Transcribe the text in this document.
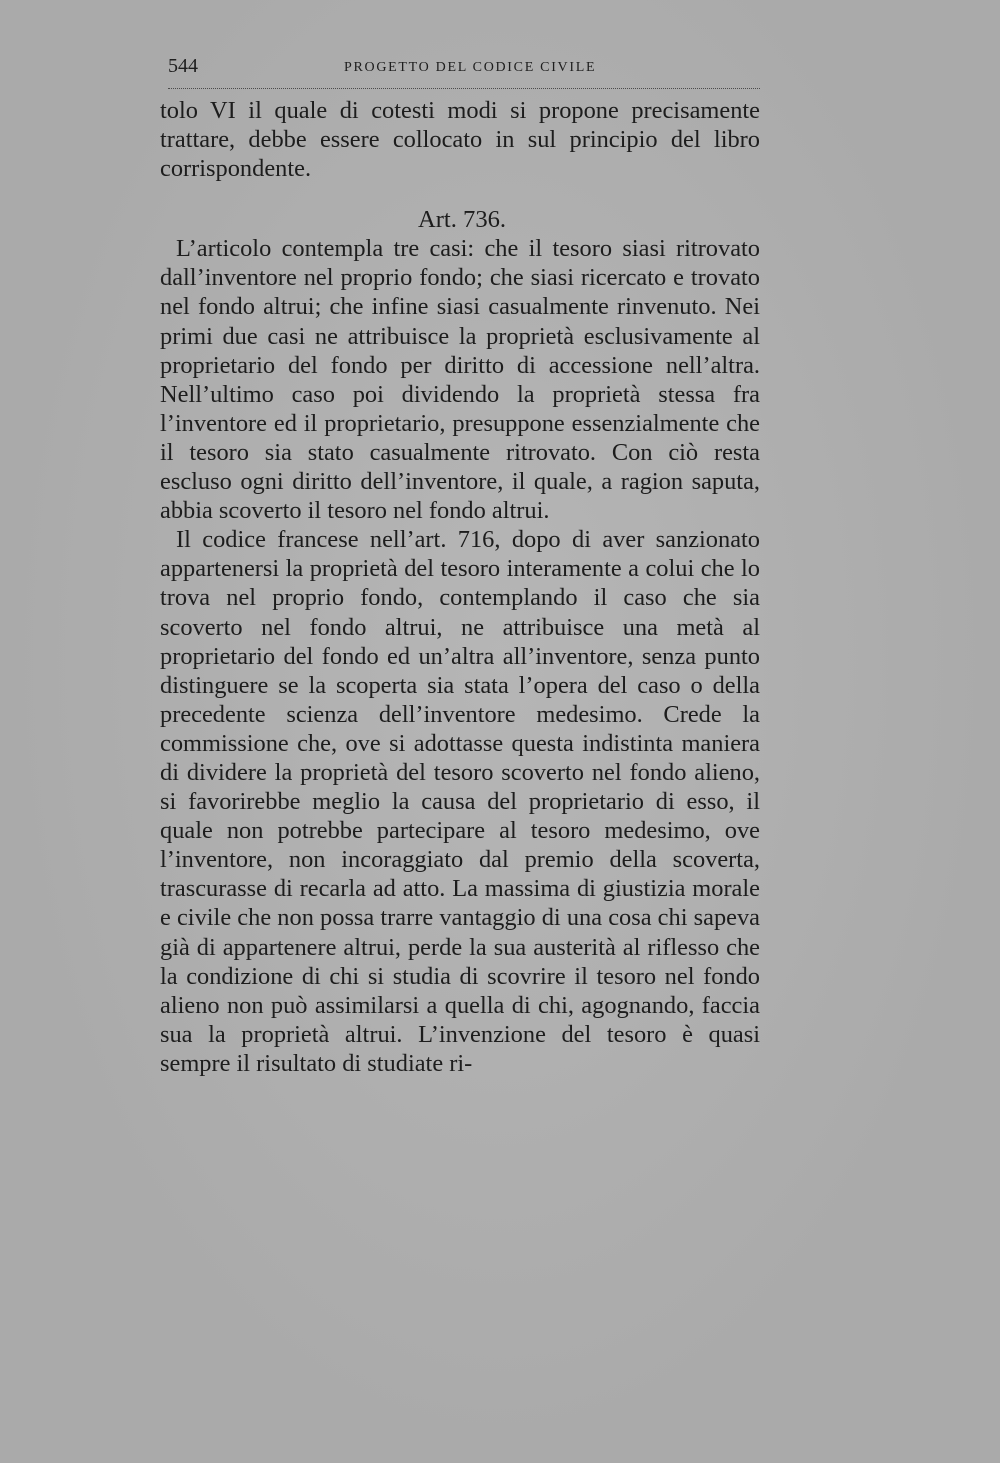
544	PROGETTO DEL CODICE CIVILE

tolo VI il quale di cotesti modi si propone precisamente trattare, debbe essere collocato in sul principio del libro corrispondente.

Art. 736.

L’articolo contempla tre casi: che il tesoro siasi ritrovato dall’inventore nel proprio fondo; che siasi ricercato e trovato nel fondo altrui; che infine siasi casualmente rinvenuto. Nei primi due casi ne attribuisce la proprietà esclusivamente al proprietario del fondo per diritto di accessione nell’altra. Nell’ultimo caso poi dividendo la proprietà stessa fra l’inventore ed il proprietario, presuppone essenzialmente che il tesoro sia stato casualmente ritrovato. Con ciò resta escluso ogni diritto dell’inventore, il quale, a ragion saputa, abbia scoverto il tesoro nel fondo altrui.

Il codice francese nell’art. 716, dopo di aver sanzionato appartenersi la proprietà del tesoro interamente a colui che lo trova nel proprio fondo, contemplando il caso che sia scoverto nel fondo altrui, ne attribuisce una metà al proprietario del fondo ed un’altra all’inventore, senza punto distinguere se la scoperta sia stata l’opera del caso o della precedente scienza dell’inventore medesimo. Crede la commissione che, ove si adottasse questa indistinta maniera di dividere la proprietà del tesoro scoverto nel fondo alieno, si favorirebbe meglio la causa del proprietario di esso, il quale non potrebbe partecipare al tesoro medesimo, ove l’inventore, non incoraggiato dal premio della scoverta, trascurasse di recarla ad atto. La massima di giustizia morale e civile che non possa trarre vantaggio di una cosa chi sapeva già di appartenere altrui, perde la sua austerità al riflesso che la condizione di chi si studia di scovrire il tesoro nel fondo alieno non può assimilarsi a quella di chi, agognando, faccia sua la proprietà altrui. L’invenzione del tesoro è quasi sempre il risultato di studiate ri-
